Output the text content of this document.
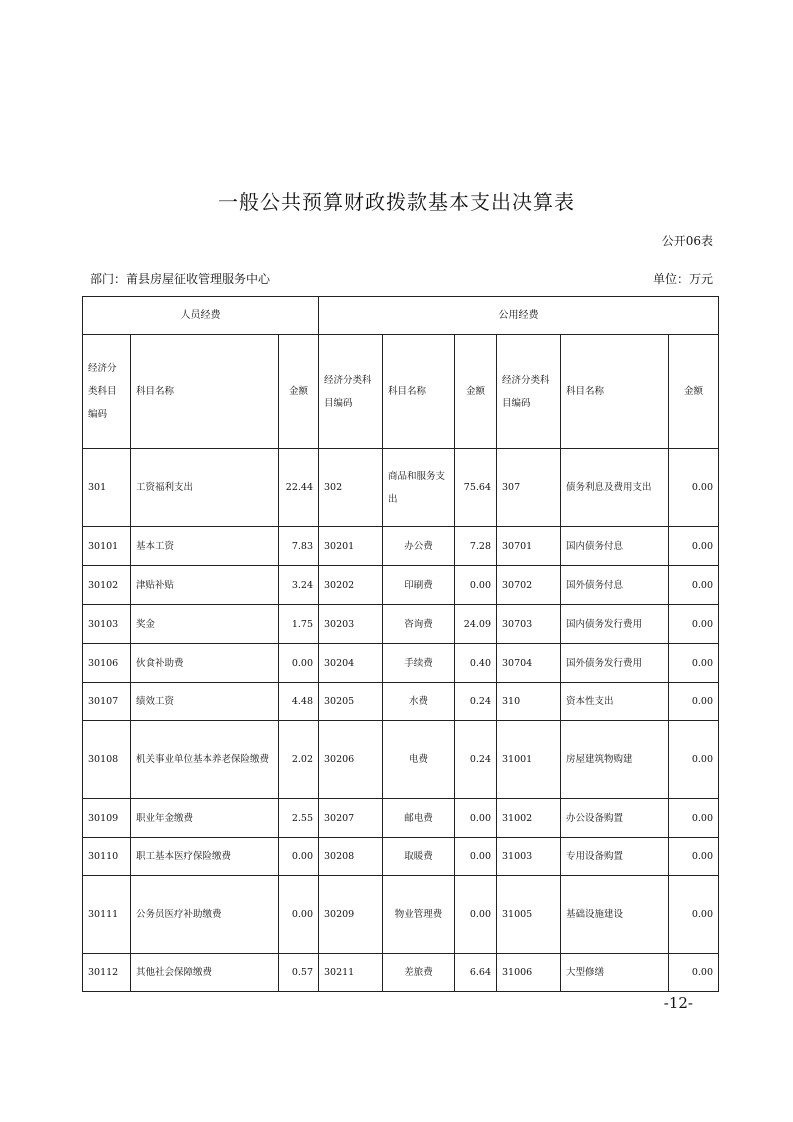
一般公共预算财政拨款基本支出决算表
公开06表
部门：莆县房屋征收管理服务中心	单位：万元
人员经费			公用经费					
经济分类科目编码	科目名称	金额	经济分类科目编码	科目名称	金额	经济分类科目编码	科目名称	金额
301	工资福利支出	22.44	302	商品和服务支出	75.64	307	债务利息及费用支出	0.00
30101	基本工资	7.83	30201	办公费	7.28	30701	国内债务付息	0.00
30102	津贴补贴	3.24	30202	印刷费	0.00	30702	国外债务付息	0.00
30103	奖金	1.75	30203	咨询费	24.09	30703	国内债务发行费用	0.00
30106	伙食补助费	0.00	30204	手续费	0.40	30704	国外债务发行费用	0.00
30107	绩效工资	4.48	30205	水费	0.24	310	资本性支出	0.00
30108	机关事业单位基本养老保险缴费	2.02	30206	电费	0.24	31001	房屋建筑物购建	0.00
30109	职业年金缴费	2.55	30207	邮电费	0.00	31002	办公设备购置	0.00
30110	职工基本医疗保险缴费	0.00	30208	取暖费	0.00	31003	专用设备购置	0.00
30111	公务员医疗补助缴费	0.00	30209	物业管理费	0.00	31005	基础设施建设	0.00
30112	其他社会保障缴费	0.57	30211	差旅费	6.64	31006	大型修缮	0.00
-12-
